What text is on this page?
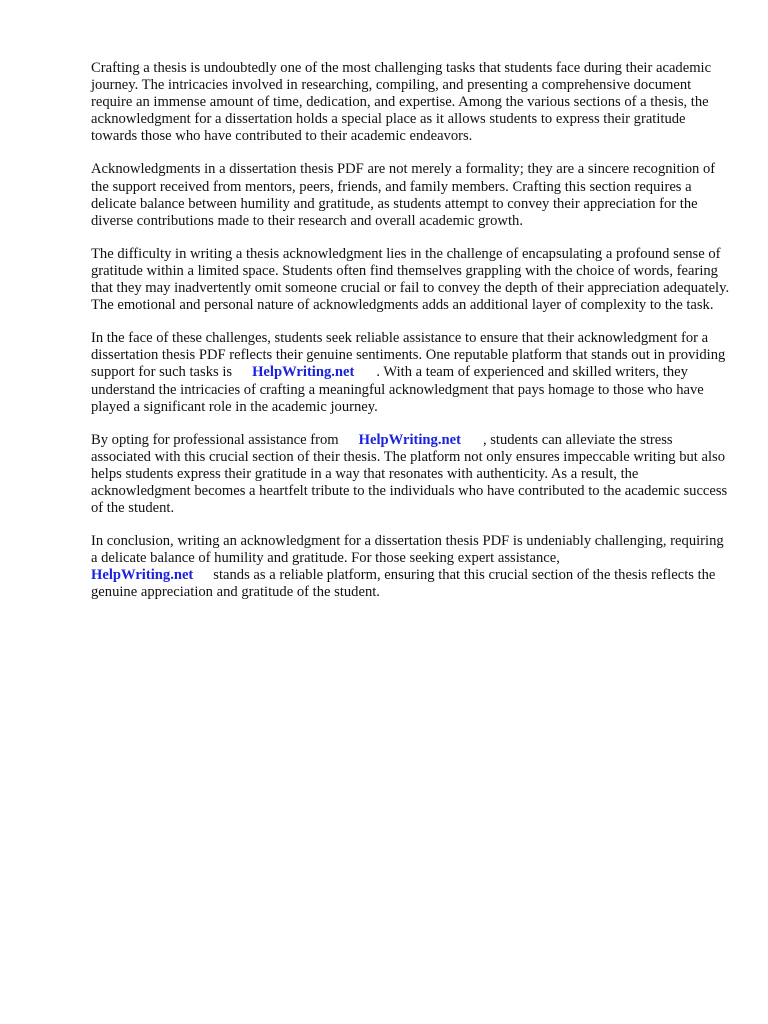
Crafting a thesis is undoubtedly one of the most challenging tasks that students face during their academic journey. The intricacies involved in researching, compiling, and presenting a comprehensive document require an immense amount of time, dedication, and expertise. Among the various sections of a thesis, the acknowledgment for a dissertation holds a special place as it allows students to express their gratitude towards those who have contributed to their academic endeavors.

Acknowledgments in a dissertation thesis PDF are not merely a formality; they are a sincere recognition of the support received from mentors, peers, friends, and family members. Crafting this section requires a delicate balance between humility and gratitude, as students attempt to convey their appreciation for the diverse contributions made to their research and overall academic growth.

The difficulty in writing a thesis acknowledgment lies in the challenge of encapsulating a profound sense of gratitude within a limited space. Students often find themselves grappling with the choice of words, fearing that they may inadvertently omit someone crucial or fail to convey the depth of their appreciation adequately. The emotional and personal nature of acknowledgments adds an additional layer of complexity to the task.

In the face of these challenges, students seek reliable assistance to ensure that their acknowledgment for a dissertation thesis PDF reflects their genuine sentiments. One reputable platform that stands out in providing support for such tasks is HelpWriting.net . With a team of experienced and skilled writers, they understand the intricacies of crafting a meaningful acknowledgment that pays homage to those who have played a significant role in the academic journey.

By opting for professional assistance from HelpWriting.net , students can alleviate the stress associated with this crucial section of their thesis. The platform not only ensures impeccable writing but also helps students express their gratitude in a way that resonates with authenticity. As a result, the acknowledgment becomes a heartfelt tribute to the individuals who have contributed to the academic success of the student.

In conclusion, writing an acknowledgment for a dissertation thesis PDF is undeniably challenging, requiring a delicate balance of humility and gratitude. For those seeking expert assistance,
HelpWriting.net stands as a reliable platform, ensuring that this crucial section of the thesis reflects the genuine appreciation and gratitude of the student.
